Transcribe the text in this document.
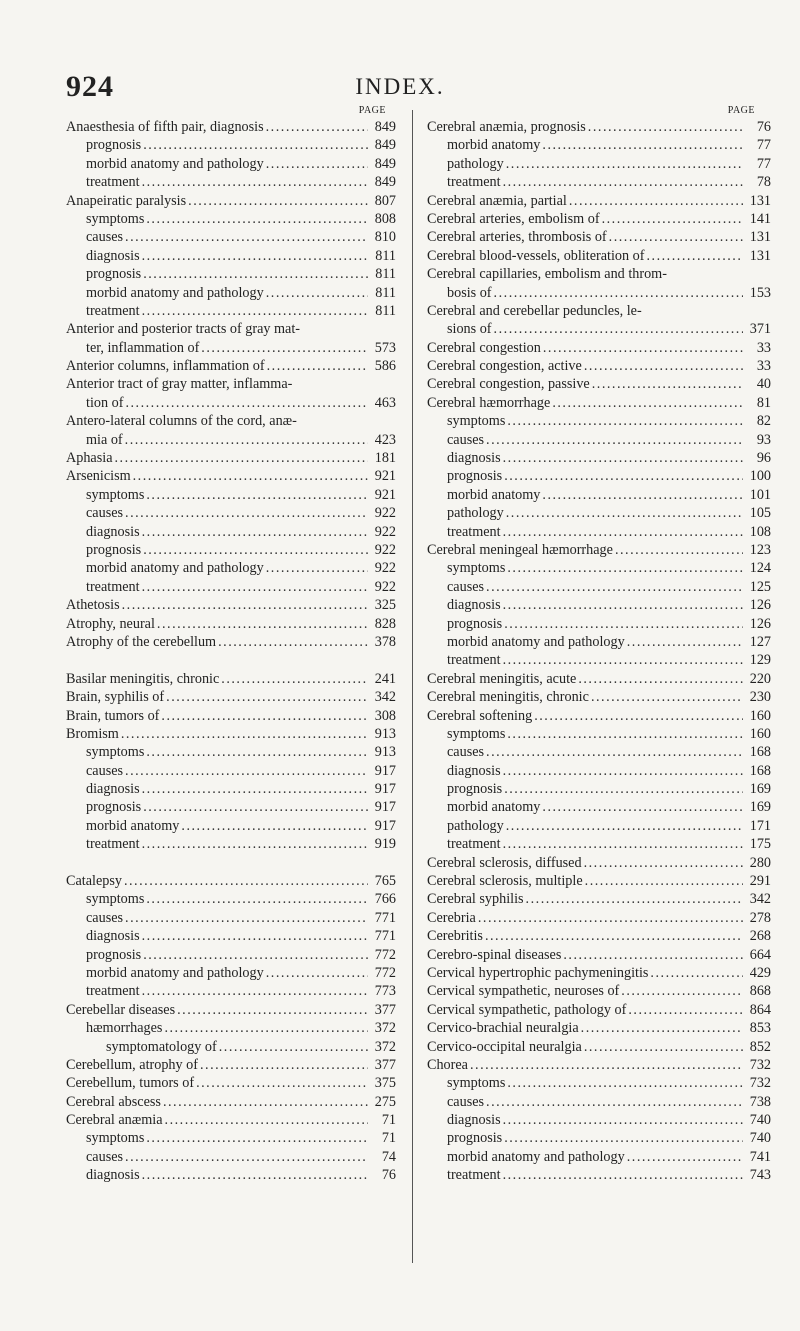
924	INDEX.
PAGE
Anaesthesia of fifth pair, diagnosis .....	849
prognosis .....	849
morbid anatomy and pathology .....	849
treatment .....	849
Anapeiratic paralysis .....	807
symptoms .....	808
causes .....	810
diagnosis .....	811
prognosis .....	811
morbid anatomy and pathology .....	811
treatment .....	811
Anterior and posterior tracts of gray mat-
ter, inflammation of .....	573
Anterior columns, inflammation of .....	586
Anterior tract of gray matter, inflamma-
tion of .....	463
Antero-lateral columns of the cord, anæ-
mia of .....	423
Aphasia .....	181
Arsenicism .....	921
symptoms .....	921
causes .....	922
diagnosis .....	922
prognosis .....	922
morbid anatomy and pathology .....	922
treatment .....	922
Athetosis .....	325
Atrophy, neural .....	828
Atrophy of the cerebellum .....	378
Basilar meningitis, chronic .....	241
Brain, syphilis of .....	342
Brain, tumors of .....	308
Bromism .....	913
symptoms .....	913
causes .....	917
diagnosis .....	917
prognosis .....	917
morbid anatomy .....	917
treatment .....	919
Catalepsy .....	765
symptoms .....	766
causes .....	771
diagnosis .....	771
prognosis .....	772
morbid anatomy and pathology .....	772
treatment .....	773
Cerebellar diseases .....	377
hæmorrhages .....	372
symptomatology of .....	372
Cerebellum, atrophy of .....	377
Cerebellum, tumors of .....	375
Cerebral abscess .....	275
Cerebral anæmia .....	71
symptoms .....	71
causes .....	74
diagnosis .....	76
PAGE
Cerebral anæmia, prognosis .....	76
morbid anatomy .....	77
pathology .....	77
treatment .....	78
Cerebral anæmia, partial .....	131
Cerebral arteries, embolism of .....	141
Cerebral arteries, thrombosis of .....	131
Cerebral blood-vessels, obliteration of .....	131
Cerebral capillaries, embolism and throm-
bosis of .....	153
Cerebral and cerebellar peduncles, le-
sions of .....	371
Cerebral congestion .....	33
Cerebral congestion, active .....	33
Cerebral congestion, passive .....	40
Cerebral hæmorrhage .....	81
symptoms .....	82
causes .....	93
diagnosis .....	96
prognosis .....	100
morbid anatomy .....	101
pathology .....	105
treatment .....	108
Cerebral meningeal hæmorrhage .....	123
symptoms .....	124
causes .....	125
diagnosis .....	126
prognosis .....	126
morbid anatomy and pathology .....	127
treatment .....	129
Cerebral meningitis, acute .....	220
Cerebral meningitis, chronic .....	230
Cerebral softening .....	160
symptoms .....	160
causes .....	168
diagnosis .....	168
prognosis .....	169
morbid anatomy .....	169
pathology .....	171
treatment .....	175
Cerebral sclerosis, diffused .....	280
Cerebral sclerosis, multiple .....	291
Cerebral syphilis .....	342
Cerebria .....	278
Cerebritis .....	268
Cerebro-spinal diseases .....	664
Cervical hypertrophic pachymeningitis .....	429
Cervical sympathetic, neuroses of .....	868
Cervical sympathetic, pathology of .....	864
Cervico-brachial neuralgia .....	853
Cervico-occipital neuralgia .....	852
Chorea .....	732
symptoms .....	732
causes .....	738
diagnosis .....	740
prognosis .....	740
morbid anatomy and pathology .....	741
treatment .....	743
